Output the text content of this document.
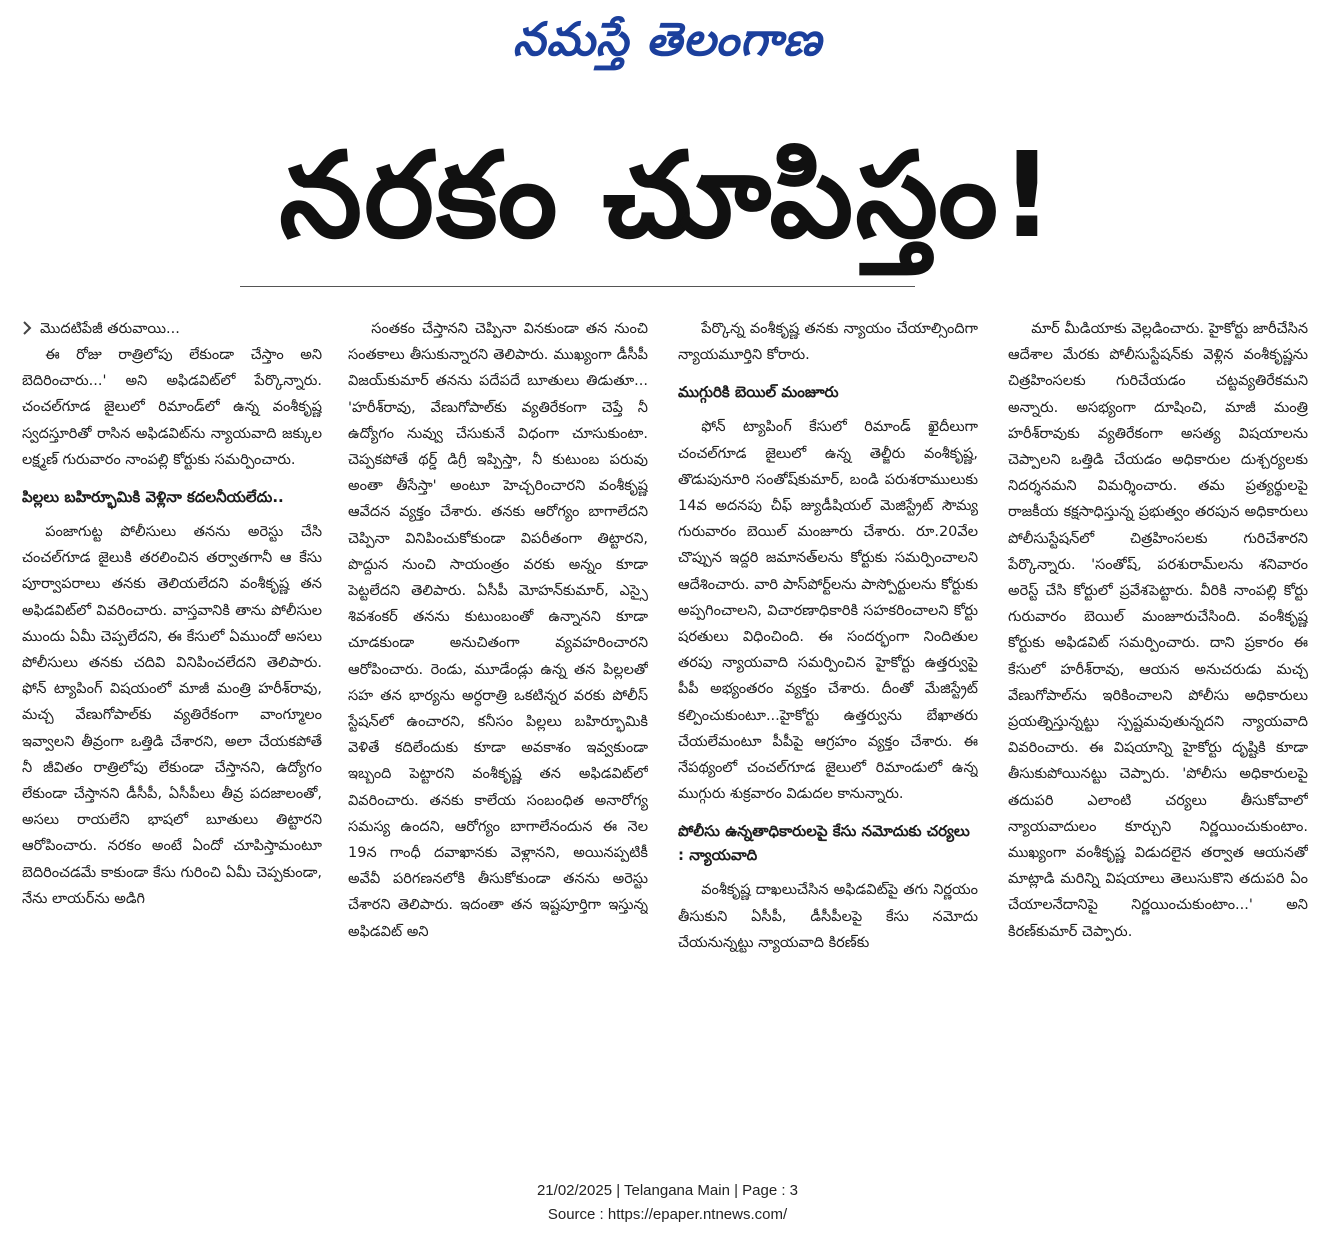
నమస్తే తెలంగాణ
నరకం చూపిస్తం!

మొదటిపేజీ తరువాయి...

ఈ రోజు రాత్రిలోపు లేకుండా చేస్తాం అని బెదిరించారు...' అని అఫిడవిట్‌లో పేర్కొన్నారు. చంచల్‌గూడ జైలులో రిమాండ్‌లో ఉన్న వంశీకృష్ణ స్వదస్తూరితో రాసిన అఫిడవిట్‌ను న్యాయవాది జక్కుల లక్ష్మణ్‌ గురువారం నాంపల్లి కోర్టుకు సమర్పించారు.

పిల్లలు బహిర్భూమికి వెళ్లినా కదలనీయలేదు..

పంజాగుట్ట పోలీసులు తనను అరెస్టు చేసి చంచల్‌గూడ జైలుకి తరలించిన తర్వాతగానీ ఆ కేసు పూర్వాపరాలు తనకు తెలియలేదని వంశీకృష్ణ తన అఫిడవిట్‌లో వివరించారు. వాస్తవానికి తాను పోలీసుల ముందు ఏమీ చెప్పలేదని, ఈ కేసులో ఏముందో అసలు పోలీసులు తనకు చదివి వినిపించలేదని తెలిపారు. ఫోన్‌ ట్యాపింగ్‌ విషయంలో మాజీ మంత్రి హరీశ్‌రావు, మచ్చ వేణుగోపాల్‌కు వ్యతిరేకంగా వాంగ్మూలం ఇవ్వాలని తీవ్రంగా ఒత్తిడి చేశారని, అలా చేయకపోతే నీ జీవితం రాత్రిలోపు లేకుండా చేస్తానని, ఉద్యోగం లేకుండా చేస్తానని డీసీపీ, ఏసీపీలు తీవ్ర పదజాలంతో, అసలు రాయలేని భాషలో బూతులు తిట్టారని ఆరోపించారు. నరకం అంటే ఏందో చూపిస్తామంటూ బెదిరించడమే కాకుండా కేసు గురించి ఏమీ చెప్పకుండా, నేను లాయర్‌ను అడిగి

సంతకం చేస్తానని చెప్పినా వినకుండా తన నుంచి సంతకాలు తీసుకున్నారని తెలిపారు. ముఖ్యంగా డీసీపీ విజయ్‌కుమార్‌ తనను పదేపదే బూతులు తిడుతూ... 'హరీశ్‌రావు, వేణుగోపాల్‌కు వ్యతిరేకంగా చెప్తే నీ ఉద్యోగం నువ్వు చేసుకునే విధంగా చూసుకుంటా. చెప్పకపోతే థర్డ్‌ డిగ్రీ ఇప్పిస్తా, నీ కుటుంబ పరువు అంతా తీసేస్తా' అంటూ హెచ్చరించారని వంశీకృష్ణ ఆవేదన వ్యక్తం చేశారు. తనకు ఆరోగ్యం బాగాలేదని చెప్పినా వినిపించుకోకుండా విపరీతంగా తిట్టారని, పొద్దున నుంచి సాయంత్రం వరకు అన్నం కూడా పెట్టలేదని తెలిపారు. ఏసీపీ మోహన్‌కుమార్‌, ఎస్సై శివశంకర్‌ తనను కుటుంబంతో ఉన్నానని కూడా చూడకుండా అనుచితంగా వ్యవహరించారని ఆరోపించారు. రెండు, మూడేండ్లు ఉన్న తన పిల్లలతో సహ తన భార్యను అర్ధరాత్రి ఒకటిన్నర వరకు పోలీస్‌ స్టేషన్‌లో ఉంచారని, కనీసం పిల్లలు బహిర్భూమికి వెళితే కదిలేందుకు కూడా అవకాశం ఇవ్వకుండా ఇబ్బంది పెట్టారని వంశీకృష్ణ తన అఫిడవిట్‌లో వివరించారు. తనకు కాలేయ సంబంధిత అనారోగ్య సమస్య ఉందని, ఆరోగ్యం బాగాలేనందున ఈ నెల 19న గాంధీ దవాఖానకు వెళ్లానని, అయినప్పటికీ అవేవీ పరిగణనలోకి తీసుకోకుండా తనను అరెస్టు చేశారని తెలిపారు. ఇదంతా తన ఇష్టపూర్తిగా ఇస్తున్న అఫిడవిట్‌ అని

పేర్కొన్న వంశీకృష్ణ తనకు న్యాయం చేయాల్సిందిగా న్యాయమూర్తిని కోరారు.

ముగ్గురికి బెయిల్‌ మంజూరు

ఫోన్‌ ట్యాపింగ్‌ కేసులో రిమాండ్‌ ఖైదీలుగా చంచల్‌గూడ జైలులో ఉన్న తెల్జీరు వంశీకృష్ణ, తొడుపునూరి సంతోష్‌కుమార్‌, బండి పరుశరాములుకు 14వ అదనపు చీఫ్‌ జ్యుడీషియల్‌ మెజిస్ట్రేట్‌ సౌమ్య గురువారం బెయిల్‌ మంజూరు చేశారు. రూ.20వేల చొప్పున ఇద్దరి జమానత్‌లను కోర్టుకు సమర్పించాలని ఆదేశించారు. వారి పాస్‌పోర్ట్‌లను పాస్పోర్టులను కోర్టుకు అప్పగించాలని, విచారణాధికారికి సహకరించాలని కోర్టు షరతులు విధించింది. ఈ సందర్భంగా నిందితుల తరపు న్యాయవాది సమర్పించిన హైకోర్టు ఉత్తర్వుపై పీపీ అభ్యంతరం వ్యక్తం చేశారు. దీంతో మేజిస్ట్రేట్‌ కల్పించుకుంటూ...హైకోర్టు ఉత్తర్వును బేఖాతరు చేయలేమంటూ పీపీపై ఆగ్రహం వ్యక్తం చేశారు. ఈ నేపథ్యంలో చంచల్‌గూడ జైలులో రిమాండులో ఉన్న ముగ్గురు శుక్రవారం విడుదల కానున్నారు.

పోలీసు ఉన్నతాధికారులపై కేసు నమోదుకు చర్యలు : న్యాయవాది

వంశీకృష్ణ దాఖలుచేసిన అఫిడవిట్‌పై తగు నిర్ణయం తీసుకుని ఏసీపీ, డీసీపీలపై కేసు నమోదు చేయనున్నట్టు న్యాయవాది కిరణ్‌కు

మార్‌ మీడియాకు వెల్లడించారు. హైకోర్టు జారీచేసిన ఆదేశాల మేరకు పోలీసుస్టేషన్‌కు వెళ్లిన వంశీకృష్ణను చిత్రహింసలకు గురిచేయడం చట్టవ్యతిరేకమని అన్నారు. అసభ్యంగా దూషించి, మాజీ మంత్రి హరీశ్‌రావుకు వ్యతిరేకంగా అసత్య విషయాలను చెప్పాలని ఒత్తిడి చేయడం అధికారుల దుశ్చర్యలకు నిదర్శనమని విమర్శించారు. తమ ప్రత్యర్థులపై రాజకీయ కక్షసాధిస్తున్న ప్రభుత్వం తరపున అధికారులు పోలీసుస్టేషన్‌లో చిత్రహింసలకు గురిచేశారని పేర్కొన్నారు. 'సంతోష్‌, పరశురామ్‌లను శనివారం అరెస్ట్‌ చేసి కోర్టులో ప్రవేశపెట్టారు. వీరికి నాంపల్లి కోర్టు గురువారం బెయిల్‌ మంజూరుచేసింది. వంశీకృష్ణ కోర్టుకు అఫిడవిట్‌ సమర్పించారు. దాని ప్రకారం ఈ కేసులో హరీశ్‌రావు, ఆయన అనుచరుడు మచ్చ వేణుగోపాల్‌ను ఇరికించాలని పోలీసు అధికారులు ప్రయత్నిస్తున్నట్టు స్పష్టమవుతున్నదని న్యాయవాది వివరించారు. ఈ విషయాన్ని హైకోర్టు దృష్టికి కూడా తీసుకుపోయినట్టు చెప్పారు. 'పోలీసు అధికారులపై తదుపరి ఎలాంటి చర్యలు తీసుకోవాలో న్యాయవాదులం కూర్చుని నిర్ణయించుకుంటాం. ముఖ్యంగా వంశీకృష్ణ విడుదలైన తర్వాత ఆయనతో మాట్లాడి మరిన్ని విషయాలు తెలుసుకొని తదుపరి ఏం చేయాలనేదానిపై నిర్ణయించుకుంటాం...' అని కిరణ్‌కుమార్‌ చెప్పారు.

21/02/2025 | Telangana Main | Page : 3
Source : https://epaper.ntnews.com/
